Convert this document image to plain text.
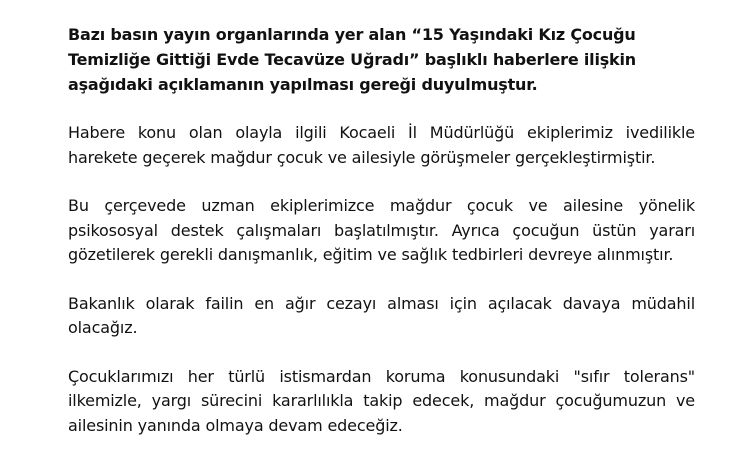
Bazı basın yayın organlarında yer alan “15 Yaşındaki Kız Çocuğu Temizliğe Gittiği Evde Tecavüze Uğradı” başlıklı haberlere ilişkin aşağıdaki açıklamanın yapılması gereği duyulmuştur.

Habere konu olan olayla ilgili Kocaeli İl Müdürlüğü ekiplerimiz ivedilikle harekete geçerek mağdur çocuk ve ailesiyle görüşmeler gerçekleştirmiştir.

Bu çerçevede uzman ekiplerimizce mağdur çocuk ve ailesine yönelik psikososyal destek çalışmaları başlatılmıştır. Ayrıca çocuğun üstün yararı gözetilerek gerekli danışmanlık, eğitim ve sağlık tedbirleri devreye alınmıştır.

Bakanlık olarak failin en ağır cezayı alması için açılacak davaya müdahil olacağız.

Çocuklarımızı her türlü istismardan koruma konusundaki "sıfır tolerans" ilkemizle, yargı sürecini kararlılıkla takip edecek, mağdur çocuğumuzun ve ailesinin yanında olmaya devam edeceğiz.
